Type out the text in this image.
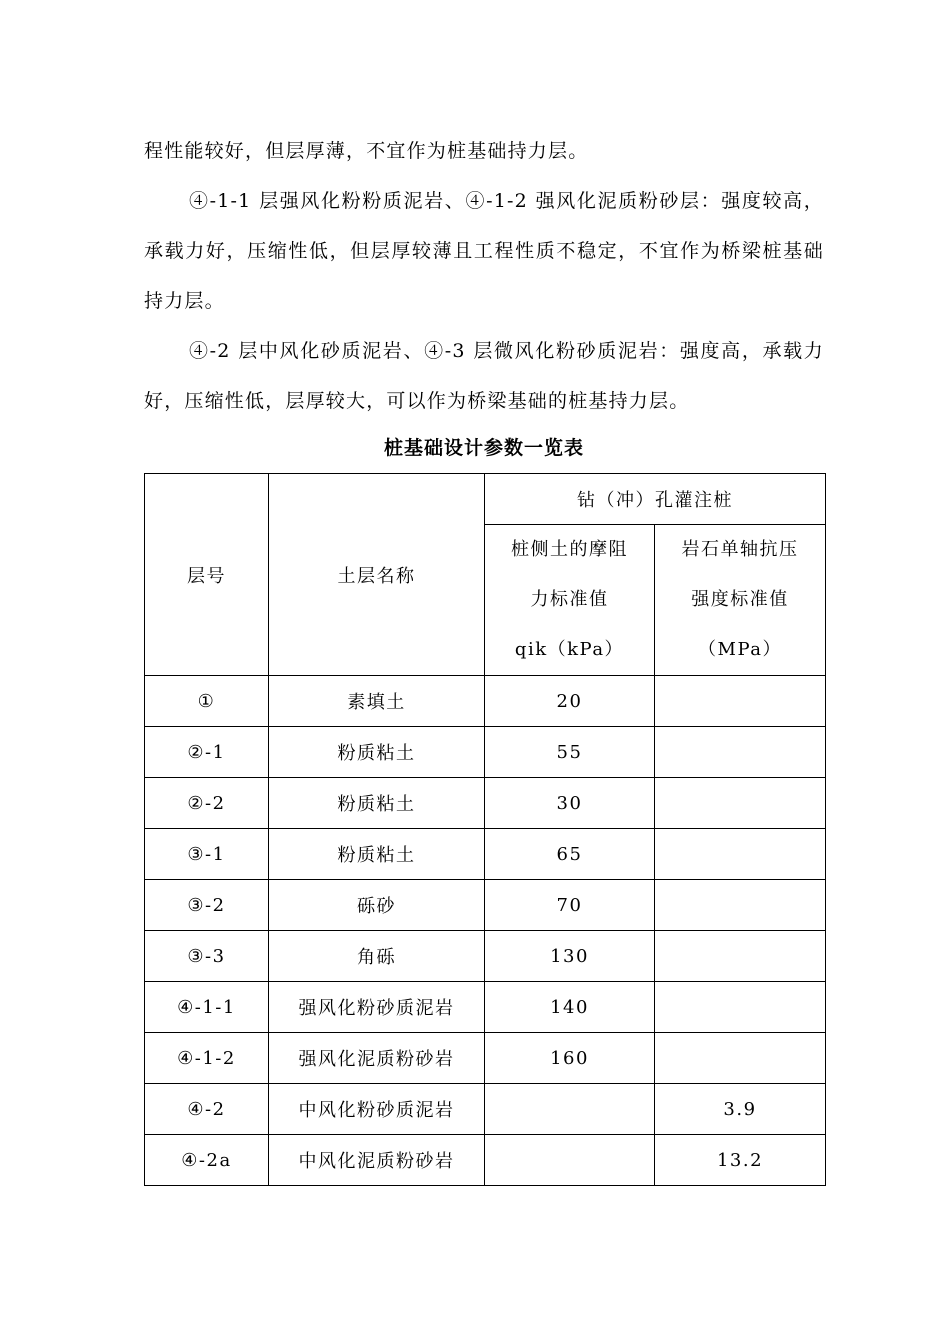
程性能较好，但层厚薄，不宜作为桩基础持力层。

④-1-1 层强风化粉粉质泥岩、④-1-2 强风化泥质粉砂层：强度较高，承载力好，压缩性低，但层厚较薄且工程性质不稳定，不宜作为桥梁桩基础持力层。

④-2 层中风化砂质泥岩、④-3 层微风化粉砂质泥岩：强度高，承载力好，压缩性低，层厚较大，可以作为桥梁基础的桩基持力层。

桩基础设计参数一览表
层号	土层名称	钻（冲）孔灌注桩	

		桩侧土的摩阻
力标准值
qik（kPa）	岩石单轴抗压
强度标准值
（MPa）

①	素填土	20	
②-1	粉质粘土	55	
②-2	粉质粘土	30	
③-1	粉质粘土	65	
③-2	砾砂	70	
③-3	角砾	130	
④-1-1	强风化粉砂质泥岩	140	
④-1-2	强风化泥质粉砂岩	160	
④-2	中风化粉砂质泥岩		3.9
④-2a	中风化泥质粉砂岩		13.2
